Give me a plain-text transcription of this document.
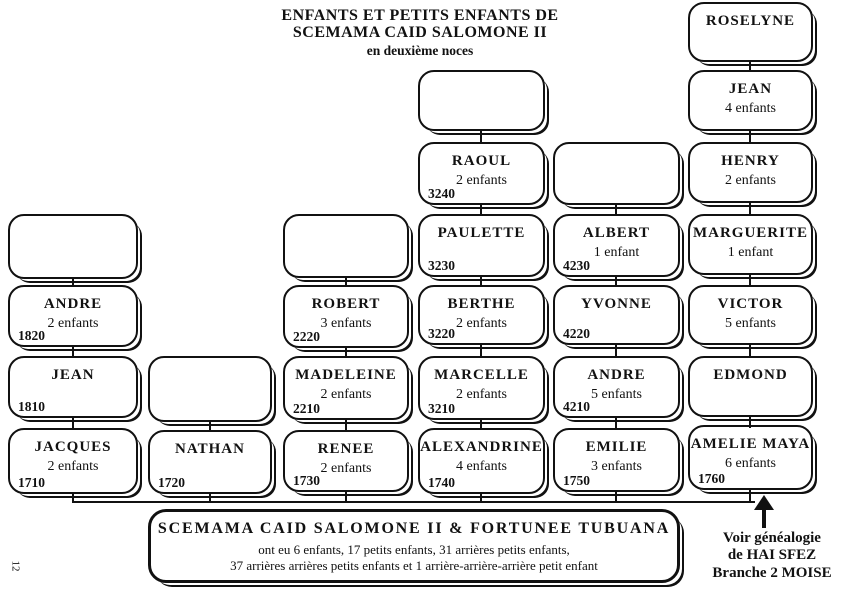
ENFANTS ET PETITS ENFANTS DE
SCEMAMA CAID SALOMONE II
en deuxième noces
ROSELYNE
JEAN
4 enfants
HENRY
2 enfants
MARGUERITE
1 enfant
VICTOR
5 enfants
EDMOND
AMELIE MAYA
6 enfants
1760
ALBERT
1 enfant
4230
YVONNE
4220
ANDRE
5 enfants
4210
EMILIE
3 enfants
1750
RAOUL
2 enfants
3240
PAULETTE
3230
BERTHE
2 enfants
3220
MARCELLE
2 enfants
3210
ALEXANDRINE
4 enfants
1740
ROBERT
3 enfants
2220
MADELEINE
2 enfants
2210
RENEE
2 enfants
1730
NATHAN
1720
ANDRE
2 enfants
1820
JEAN
1810
JACQUES
2 enfants
1710
SCEMAMA CAID SALOMONE II & FORTUNEE TUBUANA
ont eu 6 enfants, 17 petits enfants, 31 arrières petits enfants,
37 arrières arrières petits enfants et 1 arrière-arrière-arrière petit enfant
Voir généalogie
de HAI SFEZ
Branche 2 MOISE
12
